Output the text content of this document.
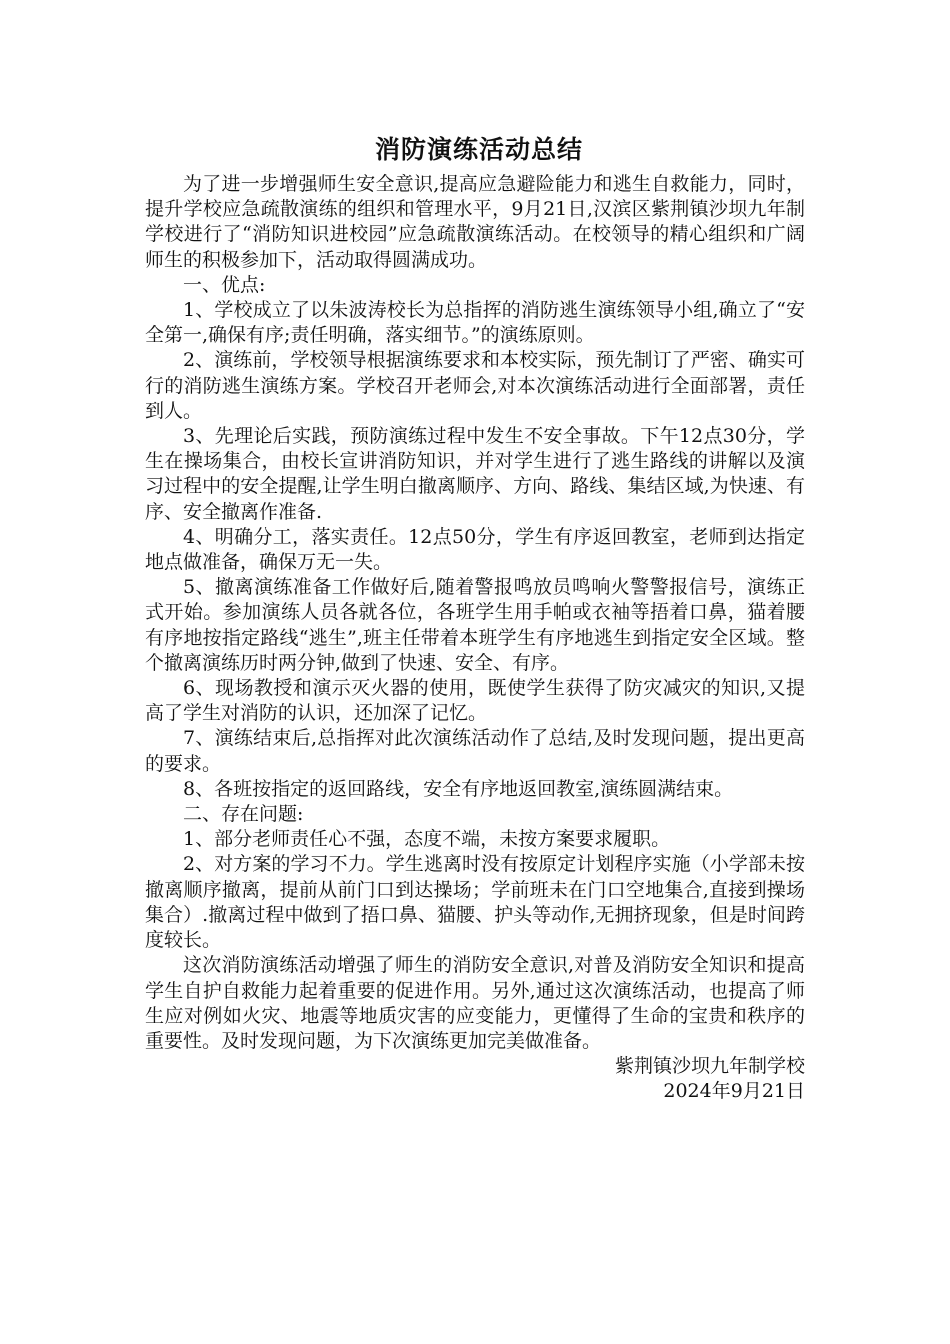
消防演练活动总结

为了进一步增强师生安全意识,提高应急避险能力和逃生自救能力，同时，提升学校应急疏散演练的组织和管理水平，9月21日,汉滨区紫荆镇沙坝九年制学校进行了“消防知识进校园”应急疏散演练活动。在校领导的精心组织和广阔师生的积极参加下，活动取得圆满成功。

一、优点:

1、学校成立了以朱波涛校长为总指挥的消防逃生演练领导小组,确立了“安全第一,确保有序;责任明确，落实细节。”的演练原则。

2、演练前，学校领导根据演练要求和本校实际，预先制订了严密、确实可行的消防逃生演练方案。学校召开老师会,对本次演练活动进行全面部署，责任到人。

3、先理论后实践，预防演练过程中发生不安全事故。下午12点30分，学生在操场集合，由校长宣讲消防知识，并对学生进行了逃生路线的讲解以及演习过程中的安全提醒,让学生明白撤离顺序、方向、路线、集结区域,为快速、有序、安全撤离作准备.

4、明确分工，落实责任。12点50分，学生有序返回教室，老师到达指定地点做准备，确保万无一失。

5、撤离演练准备工作做好后,随着警报鸣放员鸣响火警警报信号，演练正式开始。参加演练人员各就各位，各班学生用手帕或衣袖等捂着口鼻，猫着腰有序地按指定路线“逃生”,班主任带着本班学生有序地逃生到指定安全区域。整个撤离演练历时两分钟,做到了快速、安全、有序。

6、现场教授和演示灭火器的使用，既使学生获得了防灾减灾的知识,又提高了学生对消防的认识，还加深了记忆。

7、演练结束后,总指挥对此次演练活动作了总结,及时发现问题，提出更高的要求。

8、各班按指定的返回路线，安全有序地返回教室,演练圆满结束。

二、存在问题:

1、部分老师责任心不强，态度不端，未按方案要求履职。

2、对方案的学习不力。学生逃离时没有按原定计划程序实施（小学部未按撤离顺序撤离，提前从前门口到达操场；学前班未在门口空地集合,直接到操场集合）.撤离过程中做到了捂口鼻、猫腰、护头等动作,无拥挤现象，但是时间跨度较长。

这次消防演练活动增强了师生的消防安全意识,对普及消防安全知识和提高学生自护自救能力起着重要的促进作用。另外,通过这次演练活动，也提高了师生应对例如火灾、地震等地质灾害的应变能力，更懂得了生命的宝贵和秩序的重要性。及时发现问题，为下次演练更加完美做准备。

紫荆镇沙坝九年制学校
2024年9月21日
